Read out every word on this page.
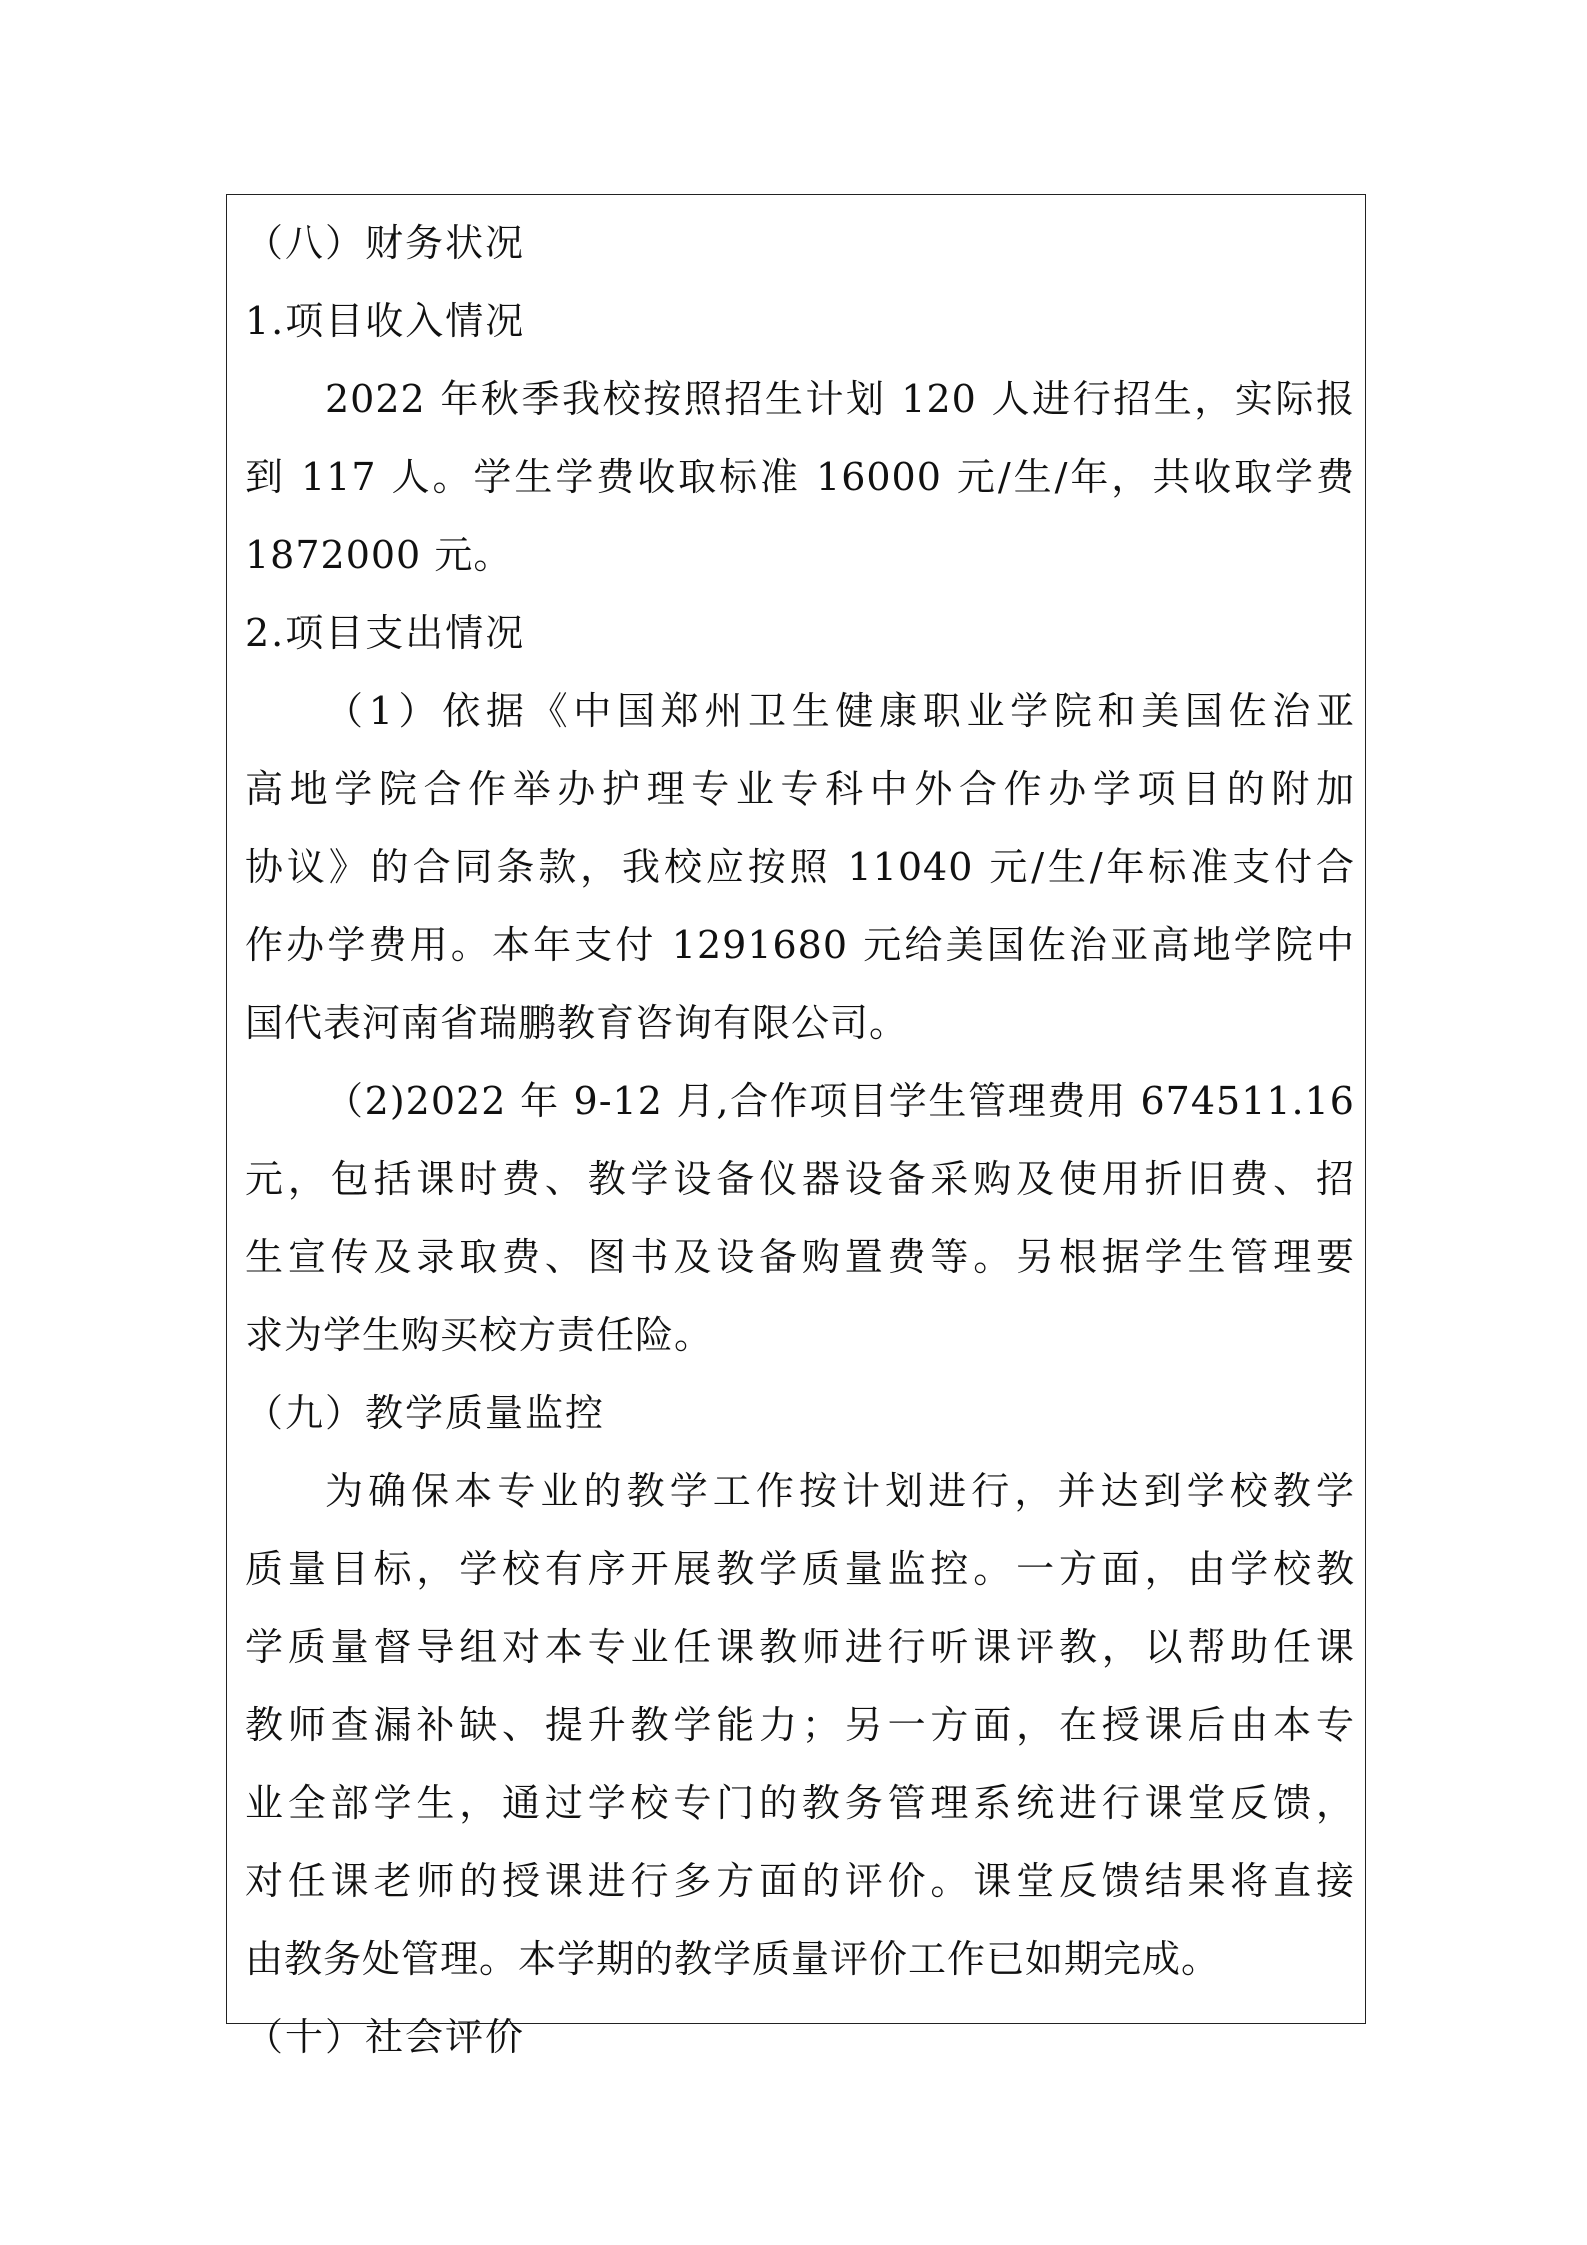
（八）财务状况
1.项目收入情况
2022 年秋季我校按照招生计划 120 人进行招生，实际报
到 117 人。学生学费收取标准 16000 元/生/年，共收取学费
1872000 元。
2.项目支出情况
（1）依据《中国郑州卫生健康职业学院和美国佐治亚
高地学院合作举办护理专业专科中外合作办学项目的附加
协议》的合同条款，我校应按照 11040 元/生/年标准支付合
作办学费用。本年支付 1291680 元给美国佐治亚高地学院中
国代表河南省瑞鹏教育咨询有限公司。
（2)2022 年 9-12 月,合作项目学生管理费用 674511.16
元，包括课时费、教学设备仪器设备采购及使用折旧费、招
生宣传及录取费、图书及设备购置费等。另根据学生管理要
求为学生购买校方责任险。
（九）教学质量监控
为确保本专业的教学工作按计划进行，并达到学校教学
质量目标，学校有序开展教学质量监控。一方面，由学校教
学质量督导组对本专业任课教师进行听课评教，以帮助任课
教师查漏补缺、提升教学能力；另一方面，在授课后由本专
业全部学生，通过学校专门的教务管理系统进行课堂反馈，
对任课老师的授课进行多方面的评价。课堂反馈结果将直接
由教务处管理。本学期的教学质量评价工作已如期完成。
（十）社会评价
